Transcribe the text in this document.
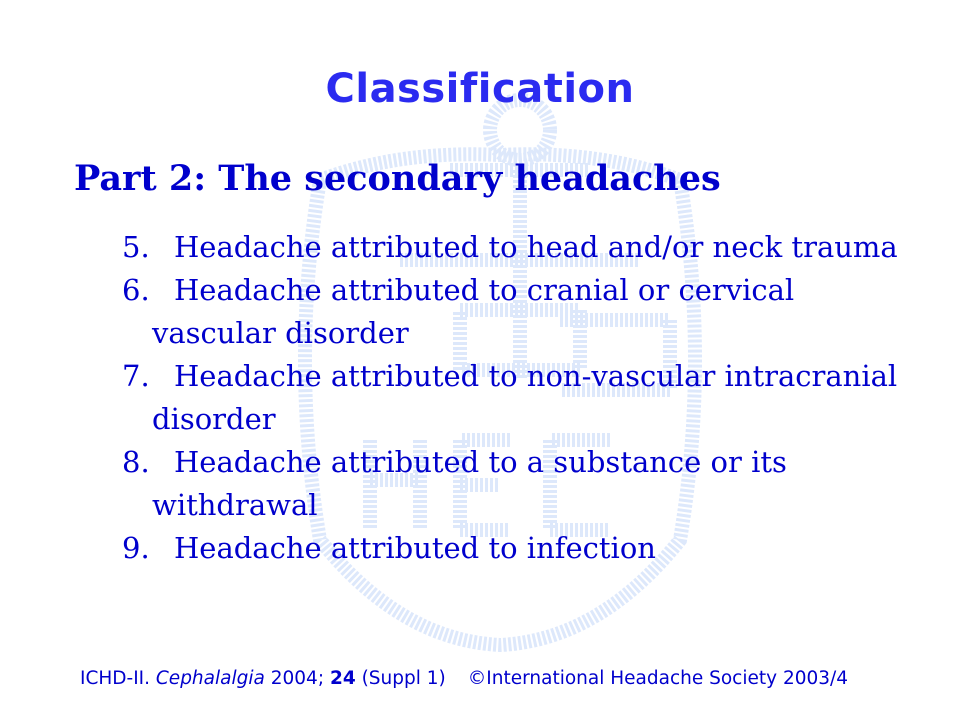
Classification
Part 2: The secondary headaches
5. Headache attributed to head and/or neck trauma
6. Headache attributed to cranial or cervical vascular disorder
7. Headache attributed to non-vascular intracranial disorder
8. Headache attributed to a substance or its withdrawal
9. Headache attributed to infection
ICHD-II. Cephalalgia 2004; 24 (Suppl 1) ©International Headache Society 2003/4
